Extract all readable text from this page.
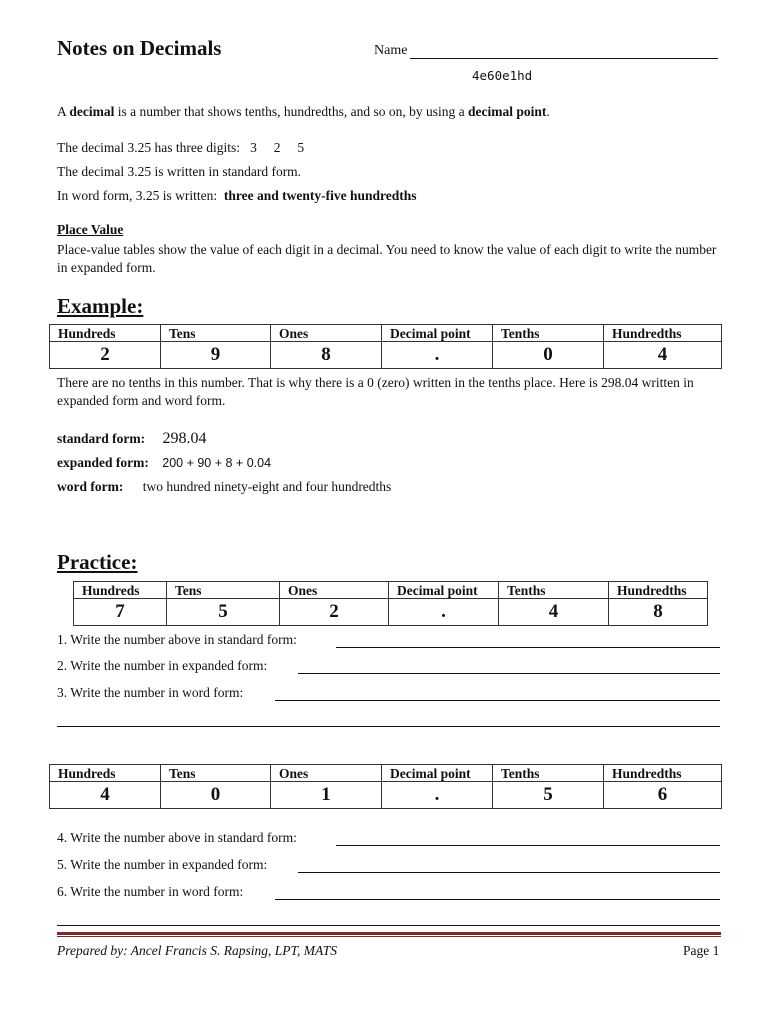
Notes on Decimals	Name
4e60e1hd
A decimal is a number that shows tenths, hundredths, and so on, by using a decimal point.
The decimal 3.25 has three digits:   3     2     5
The decimal 3.25 is written in standard form.
In word form, 3.25 is written:  three and twenty-five hundredths
Place Value
Place-value tables show the value of each digit in a decimal. You need to know the value of each digit to write the number in expanded form.
Example:
Hundreds	Tens	Ones	Decimal point	Tenths	Hundredths
2	9	8	.	0	4
There are no tenths in this number. That is why there is a 0 (zero) written in the tenths place. Here is 298.04 written in expanded form and word form.
standard form: 298.04
expanded form: 200 + 90 + 8 + 0.04
word form: two hundred ninety-eight and four hundredths
Practice:
Hundreds	Tens	Ones	Decimal point	Tenths	Hundredths
7	5	2	.	4	8
1. Write the number above in standard form:
2. Write the number in expanded form:
3. Write the number in word form:
Hundreds	Tens	Ones	Decimal point	Tenths	Hundredths
4	0	1	.	5	6
4. Write the number above in standard form:
5. Write the number in expanded form:
6. Write the number in word form:
Prepared by: Ancel Francis S. Rapsing, LPT, MATS	Page 1
